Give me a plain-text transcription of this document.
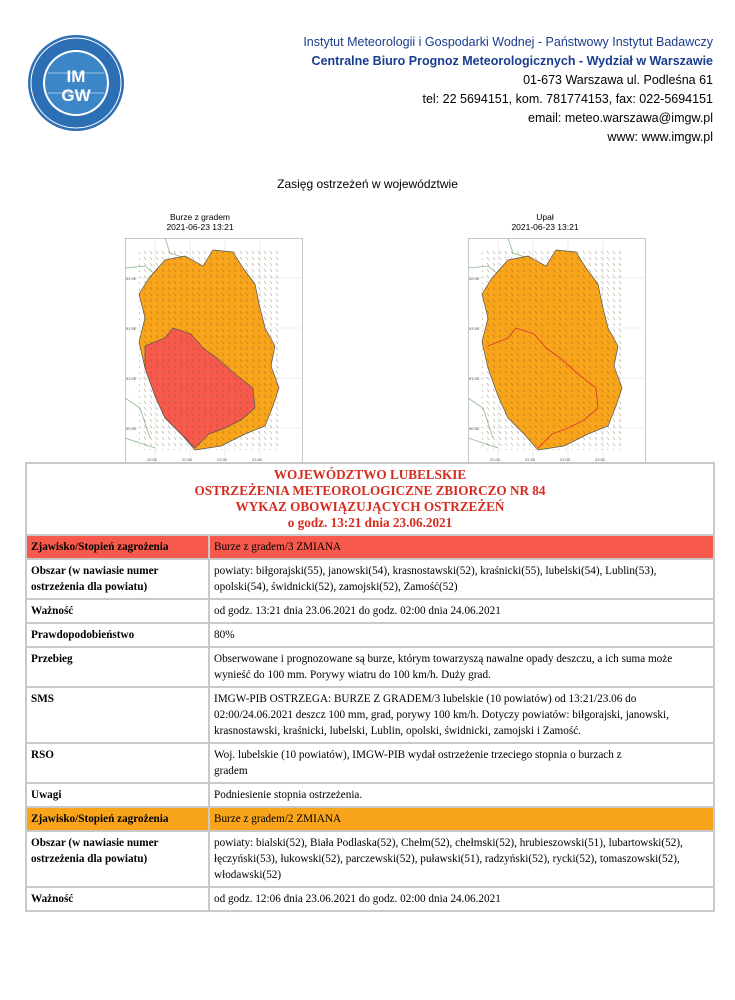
IM
GW
Instytut Meteorologii i Gospodarki Wodnej - Państwowy Instytut Badawczy
Centralne Biuro Prognoz Meteorologicznych - Wydział w Warszawie
01-673 Warszawa ul. Podleśna 61
tel: 22 5694151, kom. 781774153, fax: 022-5694151
email: meteo.warszawa@imgw.pl
www: www.imgw.pl
Zasięg ostrzeżeń w województwie
Burze z gradem
2021-06-23 13:21
Upał
2021-06-23 13:21
52.0E
51.5E
51.0E
50.5E
22.00	22.50	23.00	23.50
52.0E
51.5E
51.0E
50.5E
22.00	22.50	23.00	23.50
WOJEWÓDZTWO LUBELSKIE
OSTRZEŻENIA METEOROLOGICZNE ZBIORCZO NR 84
WYKAZ OBOWIĄZUJĄCYCH OSTRZEŻEŃ
o godz. 13:21 dnia 23.06.2021	

Zjawisko/Stopień zagrożenia	Burze z gradem/3 ZMIANA
Obszar (w nawiasie numer ostrzeżenia dla powiatu)	powiaty: biłgorajski(55), janowski(54), krasnostawski(52), kraśnicki(55), lubelski(54), Lublin(53), opolski(54), świdnicki(52), zamojski(52), Zamość(52)
Ważność	od godz. 13:21 dnia 23.06.2021 do godz. 02:00 dnia 24.06.2021
Prawdopodobieństwo	80%
Przebieg	Obserwowane i prognozowane są burze, którym towarzyszą nawalne opady deszczu, a ich suma może wynieść do 100 mm. Porywy wiatru do 100 km/h. Duży grad.
SMS	IMGW-PIB OSTRZEGA: BURZE Z GRADEM/3 lubelskie (10 powiatów) od 13:21/23.06 do 02:00/24.06.2021 deszcz 100 mm, grad, porywy 100 km/h. Dotyczy powiatów: biłgorajski, janowski, krasnostawski, kraśnicki, lubelski, Lublin, opolski, świdnicki, zamojski i Zamość.
RSO	Woj. lubelskie (10 powiatów), IMGW-PIB wydał ostrzeżenie trzeciego stopnia o burzach z gradem
Uwagi	Podniesienie stopnia ostrzeżenia.
Zjawisko/Stopień zagrożenia	Burze z gradem/2 ZMIANA
Obszar (w nawiasie numer ostrzeżenia dla powiatu)	powiaty: bialski(52), Biała Podlaska(52), Chełm(52), chełmski(52), hrubieszowski(51), lubartowski(52), łęczyński(53), łukowski(52), parczewski(52), puławski(51), radzyński(52), rycki(52), tomaszowski(52), włodawski(52)
Ważność	od godz. 12:06 dnia 23.06.2021 do godz. 02:00 dnia 24.06.2021
